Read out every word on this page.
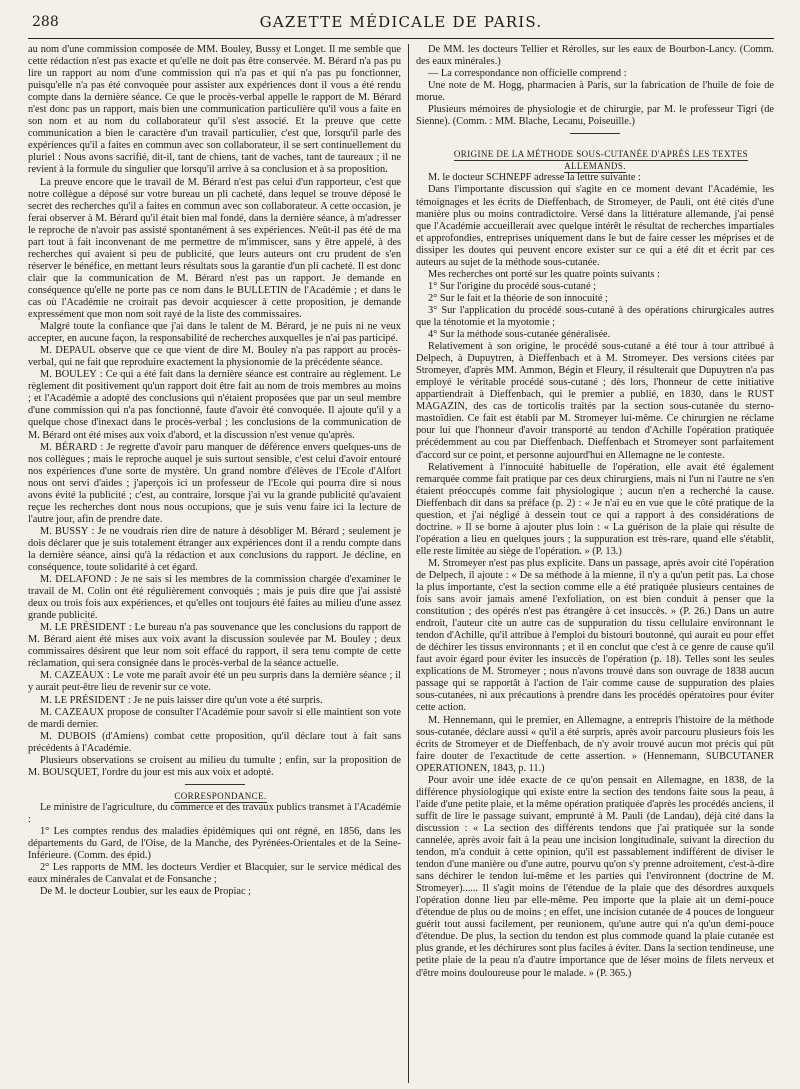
288	GAZETTE MÉDICALE DE PARIS.

au nom d'une commission composée de MM. Bouley, Bussy et Longet. Il me semble que cette rédaction n'est pas exacte et qu'elle ne doit pas être conservée. M. Bérard n'a pas pu lire un rapport au nom d'une commission qui n'a pas et qui n'a pas pu fonctionner, puisqu'elle n'a pas été convoquée pour assister aux expériences dont il vous a été rendu compte dans la dernière séance. Ce que le procès-verbal appelle le rapport de M. Bérard n'est donc pas un rapport, mais bien une communication particulière qu'il vous a faite en son nom et au nom du collaborateur qu'il s'est associé. Et la preuve que cette communication a bien le caractère d'un travail particulier, c'est que, lorsqu'il parle des expériences qu'il a faites en commun avec son collaborateur, il se sert continuellement du pluriel : Nous avons sacrifié, dit-il, tant de chiens, tant de vaches, tant de taureaux ; il ne revient à la formule du singulier que lorsqu'il arrive à sa conclusion et à sa proposition.

La preuve encore que le travail de M. Bérard n'est pas celui d'un rapporteur, c'est que notre collègue a déposé sur votre bureau un pli cacheté, dans lequel se trouve déposé le secret des recherches qu'il a faites en commun avec son collaborateur. A cette occasion, je ferai observer à M. Bérard qu'il était bien mal fondé, dans la dernière séance, à m'adresser le reproche de n'avoir pas assisté spontanément à ses expériences. N'eût-il pas été de ma part tout à fait inconvenant de me permettre de m'immiscer, sans y être appelé, à des recherches qui avaient si peu de publicité, que leurs auteurs ont cru prudent de s'en réserver le bénéfice, en mettant leurs résultats sous la garantie d'un pli cacheté. Il est donc clair que la communication de M. Bérard n'est pas un rapport. Je demande en conséquence qu'elle ne porte pas ce nom dans le BULLETIN de l'Académie ; et dans le cas où l'Académie ne croirait pas devoir acquiescer à cette proposition, je demande expressément que mon nom soit rayé de la liste des commissaires.

Malgré toute la confiance que j'ai dans le talent de M. Bérard, je ne puis ni ne veux accepter, en aucune façon, la responsabilité de recherches auxquelles je n'ai pas participé.

M. DEPAUL observe que ce que vient de dire M. Bouley n'a pas rapport au procès-verbal, qui ne fait que reproduire exactement la physionomie de la précédente séance.

M. BOULEY : Ce qui a été fait dans la dernière séance est contraire au règlement. Le règlement dit positivement qu'un rapport doit être fait au nom de trois membres au moins ; et l'Académie a adopté des conclusions qui n'étaient proposées que par un seul membre d'une commission qui n'a pas fonctionné, faute d'avoir été convoquée. Il ajoute qu'il y a quelque chose d'inexact dans le procès-verbal ; les conclusions de la communication de M. Bérard ont été mises aux voix d'abord, et la discussion n'est venue qu'après.

M. BÉRARD : Je regrette d'avoir paru manquer de déférence envers quelques-uns de nos collègues ; mais le reproche auquel je suis surtout sensible, c'est celui d'avoir entouré nos expériences d'une sorte de mystère. Un grand nombre d'élèves de l'Ecole d'Alfort nous ont servi d'aides ; j'aperçois ici un professeur de l'Ecole qui pourra dire si nous avons évité la publicité ; c'est, au contraire, lorsque j'ai vu la grande publicité qu'avaient reçue les recherches dont nous nous occupions, que je suis venu faire ici la lecture de l'autre jour, afin de prendre date.

M. BUSSY : Je ne voudrais rien dire de nature à désobliger M. Bérard ; seulement je dois déclarer que je suis totalement étranger aux expériences dont il a rendu compte dans la dernière séance, ainsi qu'à la rédaction et aux conclusions du rapport. Je décline, en conséquence, toute solidarité à cet égard.

M. DELAFOND : Je ne sais si les membres de la commission chargée d'examiner le travail de M. Colin ont été régulièrement convoqués ; mais je puis dire que j'ai assisté deux ou trois fois aux expériences, et qu'elles ont toujours été faites au milieu d'une assez grande publicité.

M. LE PRÉSIDENT : Le bureau n'a pas souvenance que les conclusions du rapport de M. Bérard aient été mises aux voix avant la discussion soulevée par M. Bouley ; deux commissaires désirent que leur nom soit effacé du rapport, il sera tenu compte de cette réclamation, qui sera consignée dans le procès-verbal de la séance actuelle.

M. CAZEAUX : Le vote me paraît avoir été un peu surpris dans la dernière séance ; il y aurait peut-être lieu de revenir sur ce vote.

M. LE PRÉSIDENT : Je ne puis laisser dire qu'un vote a été surpris.

M. CAZEAUX propose de consulter l'Académie pour savoir si elle maintient son vote de mardi dernier.

M. DUBOIS (d'Amiens) combat cette proposition, qu'il déclare tout à fait sans précédents à l'Académie.

Plusieurs observations se croisent au milieu du tumulte ; enfin, sur la proposition de M. BOUSQUET, l'ordre du jour est mis aux voix et adopté.

CORRESPONDANCE.

Le ministre de l'agriculture, du commerce et des travaux publics transmet à l'Académie :

1° Les comptes rendus des maladies épidémiques qui ont régné, en 1856, dans les départements du Gard, de l'Oise, de la Manche, des Pyrénées-Orientales et de la Seine-Inférieure. (Comm. des épid.)

2° Les rapports de MM. les docteurs Verdier et Blacquier, sur le service médical des eaux minérales de Canvalat et de Fonsanche ;

De M. le docteur Loubier, sur les eaux de Propiac ;

De MM. les docteurs Tellier et Rérolles, sur les eaux de Bourbon-Lancy. (Comm. des eaux minérales.)

— La correspondance non officielle comprend :

Une note de M. Hogg, pharmacien à Paris, sur la fabrication de l'huile de foie de morue.

Plusieurs mémoires de physiologie et de chirurgie, par M. le professeur Tigri (de Sienne). (Comm. : MM. Blache, Lecanu, Poiseuille.)

ORIGINE DE LA MÉTHODE SOUS-CUTANÉE D'APRÈS LES TEXTES ALLEMANDS.

M. le docteur SCHNEPF adresse la lettre suivante :

Dans l'importante discussion qui s'agite en ce moment devant l'Académie, les témoignages et les écrits de Dieffenbach, de Stromeyer, de Pauli, ont été cités d'une manière plus ou moins contradictoire. Versé dans la littérature allemande, j'ai pensé que l'Académie accueillerait avec quelque intérêt le résultat de recherches impartiales et approfondies, entreprises uniquement dans le but de faire cesser les méprises et de dissiper les doutes qui peuvent encore exister sur ce qui a été dit et écrit par ces auteurs au sujet de la méthode sous-cutanée.

Mes recherches ont porté sur les quatre points suivants :

1° Sur l'origine du procédé sous-cutané ;

2° Sur le fait et la théorie de son innocuité ;

3° Sur l'application du procédé sous-cutané à des opérations chirurgicales autres que la ténotomie et la myotomie ;

4° Sur la méthode sous-cutanée généralisée.

Relativement à son origine, le procédé sous-cutané a été tour à tour attribué à Delpech, à Dupuytren, à Dieffenbach et à M. Stromeyer. Des versions citées par Stromeyer, d'après MM. Ammon, Bégin et Fleury, il résulterait que Dupuytren n'a pas employé le véritable procédé sous-cutané ; dès lors, l'honneur de cette initiative appartiendrait à Dieffenbach, qui le premier a publié, en 1830, dans le RUST MAGAZIN, des cas de torticolis traités par la section sous-cutanée du sterno-mastoïdien. Ce fait est établi par M. Stromeyer lui-même. Ce chirurgien ne réclame pour lui que l'honneur d'avoir transporté au tendon d'Achille l'opération pratiquée précédemment au cou par Dieffenbach. Dieffenbach et Stromeyer sont parfaitement d'accord sur ce point, et personne aujourd'hui en Allemagne ne le conteste.

Relativement à l'innocuité habituelle de l'opération, elle avait été également remarquée comme fait pratique par ces deux chirurgiens, mais ni l'un ni l'autre ne s'en étaient préoccupés comme fait physiologique ; aucun n'en a recherché la cause. Dieffenbach dit dans sa préface (p. 2) : « Je n'ai eu en vue que le côté pratique de la question, et j'ai négligé à dessein tout ce qui a rapport à des considérations de doctrine. » Il se borne à ajouter plus loin : « La guérison de la plaie qui résulte de l'opération a lieu en quelques jours ; la suppuration est très-rare, quand elle s'établit, elle reste limitée au siège de l'opération. » (P. 13.)

M. Stromeyer n'est pas plus explicite. Dans un passage, après avoir cité l'opération de Delpech, il ajoute : « De sa méthode à la mienne, il n'y a qu'un petit pas. La chose la plus importante, c'est la section comme elle a été pratiquée plusieurs centaines de fois sans avoir jamais amené l'exfoliation, on est bien conduit à penser que la constitution ; des opérés n'est pas étrangère à cet insuccès. » (P. 26.) Dans un autre endroit, l'auteur cite un autre cas de suppuration du tissu cellulaire environnant le tendon d'Achille, qu'il attribue à l'emploi du bistouri boutonné, qui aurait eu pour effet de déchirer les tissus environnants ; et il en conclut que c'est à ce genre de cause qu'il faut avoir égard pour éviter les insuccès de l'opération (p. 18). Telles sont les seules explications de M. Stromeyer ; nous n'avons trouvé dans son ouvrage de 1838 aucun passage qui se rapportât à l'action de l'air comme cause de suppuration des plaies sous-cutanées, ni aux précautions à prendre dans les procédés opératoires pour éviter cette action.

M. Hennemann, qui le premier, en Allemagne, a entrepris l'histoire de la méthode sous-cutanée, déclare aussi « qu'il a été surpris, après avoir parcouru plusieurs fois les écrits de Stromeyer et de Dieffenbach, de n'y avoir trouvé aucun mot précis qui pût faire douter de l'exactitude de cette assertion. » (Hennemann, SUBCUTANER OPERATIONEN, 1843, p. 11.)

Pour avoir une idée exacte de ce qu'on pensait en Allemagne, en 1838, de la différence physiologique qui existe entre la section des tendons faite sous la peau, à l'aide d'une petite plaie, et la même opération pratiquée d'après les procédés anciens, il suffit de lire le passage suivant, emprunté à M. Pauli (de Landau), déjà cité dans la discussion : « La section des différents tendons que j'ai pratiquée sur la sonde cannelée, après avoir fait à la peau une incision longitudinale, suivant la direction du tendon, m'a conduit à cette opinion, qu'il est passablement indifférent de diviser le tendon d'une manière ou d'une autre, pourvu qu'on s'y prenne adroitement, c'est-à-dire sans déchirer le tendon lui-même et les parties qui l'environnent (doctrine de M. Stromeyer)...... Il s'agit moins de l'étendue de la plaie que des désordres auxquels l'opération donne lieu par elle-même. Peu importe que la plaie ait un demi-pouce d'étendue de plus ou de moins ; en effet, une incision cutanée de 4 pouces de longueur guérit tout aussi facilement, per reunionem, qu'une autre qui n'a qu'un demi-pouce d'étendue. De plus, la section du tendon est plus commode quand la plaie cutanée est plus grande, et les déchirures sont plus faciles à éviter. Dans la section tendineuse, une petite plaie de la peau n'a d'autre importance que de léser moins de filets nerveux et d'être moins douloureuse pour le malade. » (P. 365.)
